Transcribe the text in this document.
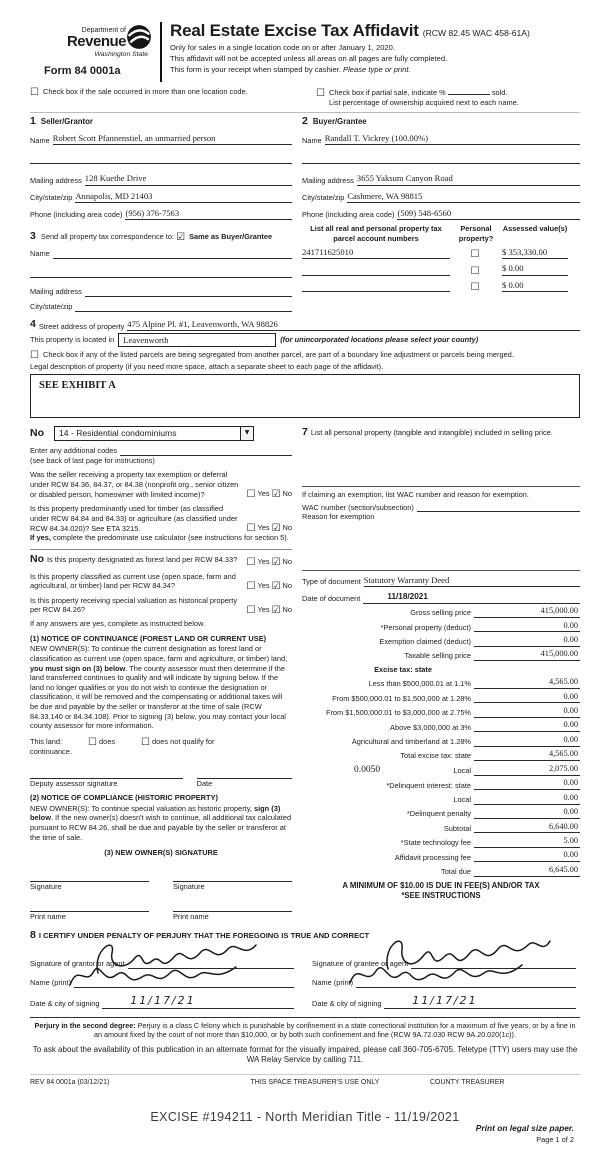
Department of
Revenue
Washington State
Form 84 0001a
Real Estate Excise Tax Affidavit (RCW 82.45 WAC 458-61A)
Only for sales in a single location code on or after January 1, 2020.
This affidavit will not be accepted unless all areas on all pages are fully completed.
This form is your receipt when stamped by cashier. Please type or print.
☐ Check box if the sale occurred in more than one location code.	☐ Check box if partial sale, indicate %	sold.
List percentage of ownership acquired next to each name.
1 Seller/Grantor
Name Robert Scott Pfannenstiel, an unmarried person
Mailing address 128 Kuethe Drive
City/state/zip Annapolis, MD 21403
Phone (including area code) (956) 376-7563
3 Send all property tax correspondence to: ☑ Same as Buyer/Grantee
Name
Mailing address
City/state/zip
2 Buyer/Grantee
Name Randall T. Vickrey (100.00%)
Mailing address 3655 Yaksum Canyon Road
City/state/zip Cashmere, WA 98815
Phone (including area code) (509) 548-6560
List all real and personal property tax parcel account numbers
Personal property?
Assessed value(s)
241711625010	☐	$ 353,330.00
☐	$ 0.00
☐	$ 0.00
4 Street address of property 475 Alpine Pl. #1, Leavenworth, WA 98826
This property is located in	Leavenworth	(for unincorporated locations please select your county)
☐ Check box if any of the listed parcels are being segregated from another parcel, are part of a boundary line adjustment or parcels being merged.
Legal description of property (if you need more space, attach a separate sheet to each page of the affidavit).
SEE EXHIBIT A
No	14 - Residential condominiums	▼
Enter any additional codes
(see back of last page for instructions)
Was the seller receiving a property tax exemption or deferral under RCW 84.36, 84.37, or 84.38 (nonprofit org., senior citizen or disabled person, homeowner with limited income)?	☐ Yes ☑ No
Is this property predominantly used for timber (as classified under RCW 84.84 and 84.33) or agriculture (as classified under RCW 84.34.020)? See ETA 3215.	☐ Yes ☑ No
If yes, complete the predominate use calculator (see instructions for section 5).
No Is this property designated as forest land per RCW 84.33? ☐ Yes ☑ No
Is this property classified as current use (open space, farm and agricultural, or timber) land per RCW 84.34?	☐ Yes ☑ No
Is this property receiving special valuation as historical property per RCW 84.26?	☐ Yes ☑ No
If any answers are yes, complete as instructed below.
(1) NOTICE OF CONTINUANCE (FOREST LAND OR CURRENT USE)
NEW OWNER(S): To continue the current designation as forest land or classification as current use (open space, farm and agriculture, or timber) land, you must sign on (3) below. The county assessor must then determine if the land transferred continues to qualify and will indicate by signing below. If the land no longer qualifies or you do not wish to continue the designation or classification, it will be removed and the compensating or additional taxes will be due and payable by the seller or transferor at the time of sale (RCW 84.33.140 or 84.34.108). Prior to signing (3) below, you may contact your local county assessor for more information.
This land:	☐ does	☐ does not qualify for
continuance.
Deputy assessor signature	Date
(2) NOTICE OF COMPLIANCE (HISTORIC PROPERTY)
NEW OWNER(S): To continue special valuation as historic property, sign (3) below. If the new owner(s) doesn't wish to continue, all additional tax calculated pursuant to RCW 84.26, shall be due and payable by the seller or transferor at the time of sale.
(3) NEW OWNER(S) SIGNATURE
Signature	Signature
Print name	Print name
7 List all personal property (tangible and intangible) included in selling price.
If claiming an exemption, list WAC number and reason for exemption.
WAC number (section/subsection)
Reason for exemption
Type of document Statutory Warranty Deed
Date of document	11/18/2021
Gross selling price	415,000.00
*Personal property (deduct)	0.00
Exemption claimed (deduct)	0.00
Taxable selling price	415,000.00
Excise tax: state
Less than $500,000.01 at 1.1%	4,565.00
From $500,000.01 to $1,500,000 at 1.28%	0.00
From $1,500,000.01 to $3,000,000 at 2.75%	0.00
Above $3,000,000 at 3%	0.00
Agricultural and timberland at 1.28%	0.00
Total excise tax: state	4,565.00
0.0050	Local	2,075.00
*Delinquent interest: state	0.00
Local	0.00
*Delinquent penalty	0.00
Subtotal	6,640.00
*State technology fee	5.00
Affidavit processing fee	0.00
Total due	6,645.00
A MINIMUM OF $10.00 IS DUE IN FEE(S) AND/OR TAX
*SEE INSTRUCTIONS
8 I CERTIFY UNDER PENALTY OF PERJURY THAT THE FOREGOING IS TRUE AND CORRECT
Signature of grantor or agent
Name (print)
Date & city of signing	11/17/21
Signature of grantee or agent
Name (print)
Date & city of signing	11/17/21
Perjury in the second degree: Perjury is a class C felony which is punishable by confinement in a state correctional institution for a maximum of five years, or by a fine in an amount fixed by the court of not more than $10,000, or by both such confinement and fine (RCW 9A.72.030 RCW 9A.20.020(1c)).
To ask about the availability of this publication in an alternate format for the visually impaired, please call 360-705-6705. Teletype (TTY) users may use the WA Relay Service by calling 711.
REV 84 0001a (03/12/21)	THIS SPACE TREASURER'S USE ONLY	COUNTY TREASURER
EXCISE #194211 - North Meridian Title - 11/19/2021
Print on legal size paper.
Page 1 of 2
